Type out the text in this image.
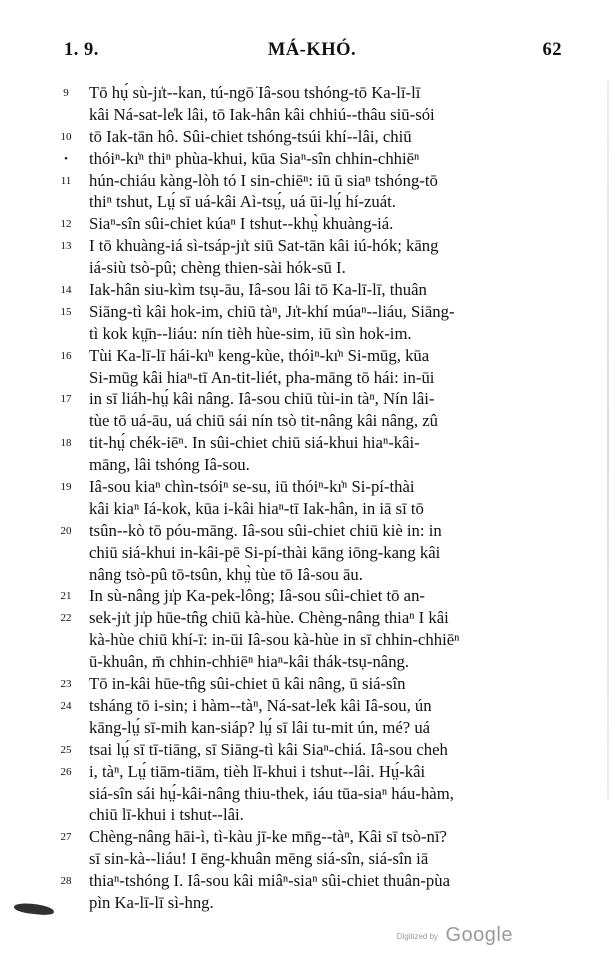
1. 9.	MÁ-KHÓ.	62
9	Tō hụ́ sù-jı̍t--kan, tú-ngō͘ Iâ-sou tshóng-tō Ka-lī-lī
kâi Ná-sat-le̍k lâi, tō Iak-hân kâi chhiú--thâu siū-sói
10 tō Iak-tān hô. Sûi-chiet tshóng-tsúi khí--lâi, chiū
•	thóiⁿ-kı̍ⁿ thiⁿ phùa-khui, kūa Siaⁿ-sîn chhin-chhiēⁿ
11 hún-chiáu kàng-lòh tó I sin-chiēⁿ: iū ū siaⁿ tshóng-tō
thiⁿ tshut, Lṳ́ sī uá-kâi Aì-tsṳ́, uá ūi-lṳ́ hí-zuát.
12 Siaⁿ-sîn sûi-chiet kúaⁿ I tshut--khṳ̀ khuàng-iá.
13 I tō khuàng-iá sì-tsáp-jı̍t siū Sat-tān kâi iú-hók; kāng
iá-siù tsò-pû; chèng thien-sài hók-sū I.
14 Iak-hân siu-kìm tsụ-āu, Iâ-sou lâi tō Ka-lī-lī, thuân
15 Siāng-tì kâi hok-im, chiū tàⁿ, Jı̍t-khí múaⁿ--liáu, Siāng-
tì kok kṳ̄n--liáu: nín tièh hùe-sim, iū sìn hok-im.
16 Tùi Ka-lī-lī hái-kı̍ⁿ keng-kùe, thóiⁿ-kı̍ⁿ Si-mūg, kūa
Si-mūg kâi hiaⁿ-tī An-tit-liét, pha-māng tō hái: in-ūi
17 in sī liáh-hṳ́ kâi nâng. Iâ-sou chiū tùi-in tàⁿ, Nín lâi-
tùe tō uá-āu, uá chiū sái nín tsò tit-nâng kâi nâng, zû
18 tit-hṳ́ chék-iēⁿ. In sûi-chiet chiū siá-khui hiaⁿ-kâi-
māng, lâi tshóng Iâ-sou.
19 Iâ-sou kiaⁿ chìn-tsóiⁿ se-su, iū thóiⁿ-kı̍ⁿ Si-pí-thài
kâi kiaⁿ Iá-kok, kūa i-kâi hiaⁿ-tī Iak-hân, in iā sī tō
20 tsûn--kò tō póu-māng. Iâ-sou sûi-chiet chiū kiè in: in
chiū siá-khui in-kâi-pē Si-pí-thài kāng iōng-kang kâi
nâng tsò-pû tō-tsûn, khṳ̀ tùe tō Iâ-sou āu.
21 In sù-nâng jı̍p Ka-pek-lông; Iâ-sou sûi-chiet tō an-
22 sek-jı̍t jı̍p hūe-tn̂g chiū kà-hùe. Chèng-nâng thiaⁿ I kâi
kà-hùe chiū khí-ī: in-ūi Iâ-sou kà-hùe in sī chhin-chhiēⁿ
ū-khuân, m̄ chhin-chhiēⁿ hiaⁿ-kâi thák-tsụ-nâng.
23 Tō in-kâi hūe-tn̂g sûi-chiet ū kâi nâng, ū siá-sîn
24 tsháng tō i-sin; i hàm--tàⁿ, Ná-sat-le̍k kâi Iâ-sou, ún
kāng-lṳ́ sī-mih kan-siáp? lṳ́ sī lâi tu-mit ún, mé? uá
25 tsai lṳ́ sī tī-tiāng, sī Siāng-tì kâi Siaⁿ-chiá. Iâ-sou cheh
26 i, tàⁿ, Lṳ́ tiām-tiām, tièh lī-khui i tshut--lâi. Hṳ́-kâi
siá-sîn sái hṳ́-kâi-nâng thiu-thek, iáu tūa-siaⁿ háu-hàm,
chiū lī-khui i tshut--lâi.
27 Chèng-nâng hāi-ì, tì-kàu jī-ke mn̄g--tàⁿ, Kâi sī tsò-nī?
sī sin-kà--liáu! I ēng-khuân mēng siá-sîn, siá-sîn iā
28 thiaⁿ-tshóng I. Iâ-sou kâi miâⁿ-siaⁿ sûi-chiet thuân-pùa
pìn Ka-lī-lī sì-hng.
Digitized by Google
